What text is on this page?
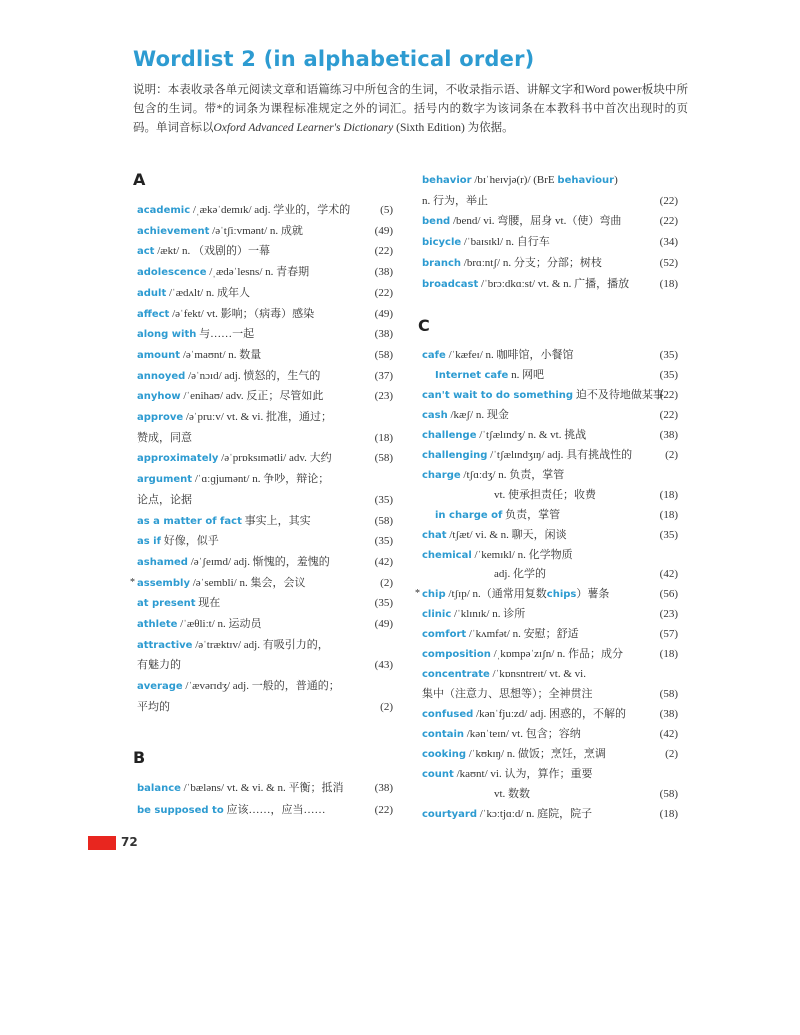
Wordlist 2 (in alphabetical order)
说明：本表收录各单元阅读文章和语篇练习中所包含的生词，不收录指示语、讲解文字和Word power板块中所包含的生词。带*的词条为课程标准规定之外的词汇。括号内的数字为该词条在本教科书中首次出现时的页码。单词音标以Oxford Advanced Learner's Dictionary (Sixth Edition) 为依据。
A
academic /ˌækəˈdemɪk/ adj. 学业的，学术的	(5)
achievement /əˈtʃiːvmənt/ n. 成就	(49)
act /ækt/ n. （戏剧的）一幕	(22)
adolescence /ˌædəˈlesns/ n. 青春期	(38)
adult /ˈædʌlt/ n. 成年人	(22)
affect /əˈfekt/ vt. 影响；（病毒）感染	(49)
along with 与……一起	(38)
amount /əˈmaʊnt/ n. 数量	(58)
annoyed /əˈnɔɪd/ adj. 愤怒的，生气的	(37)
anyhow /ˈenihaʊ/ adv. 反正；尽管如此	(23)
approve /əˈpruːv/ vt. & vi. 批准，通过；
赞成，同意	(18)
approximately /əˈprɒksɪmətli/ adv. 大约	(58)
argument /ˈɑːɡjumənt/ n. 争吵，辩论；
论点，论据	(35)
as a matter of fact 事实上，其实	(58)
as if 好像，似乎	(35)
ashamed /əˈʃeɪmd/ adj. 惭愧的，羞愧的	(42)
* assembly /əˈsembli/ n. 集会，会议	(2)
at present 现在	(35)
athlete /ˈæθliːt/ n. 运动员	(49)
attractive /əˈtræktɪv/ adj. 有吸引力的，
有魅力的	(43)
average /ˈævərɪdʒ/ adj. 一般的，普通的；
平均的	(2)
B
balance /ˈbæləns/ vt. & vi. & n. 平衡；抵消	(38)
be supposed to 应该……，应当……	(22)
behavior /bɪˈheɪvjə(r)/ (BrE behaviour)
n. 行为，举止	(22)
bend /bend/ vi. 弯腰，屈身 vt.（使）弯曲	(22)
bicycle /ˈbaɪsɪkl/ n. 自行车	(34)
branch /brɑːntʃ/ n. 分支；分部；树枝	(52)
broadcast /ˈbrɔːdkɑːst/ vt. & n. 广播，播放	(18)
C
cafe /ˈkæfeɪ/ n. 咖啡馆，小餐馆	(35)
Internet cafe n. 网吧	(35)
can't wait to do something 迫不及待地做某事
(22)
cash /kæʃ/ n. 现金	(22)
challenge /ˈtʃælɪndʒ/ n. & vt. 挑战	(38)
challenging /ˈtʃælɪndʒɪŋ/ adj. 具有挑战性的	(2)
charge /tʃɑːdʒ/ n. 负责，掌管
vt. 使承担责任；收费	(18)
in charge of 负责，掌管	(18)
chat /tʃæt/ vi. & n. 聊天，闲谈	(35)
chemical /ˈkemɪkl/ n. 化学物质
adj. 化学的	(42)
* chip /tʃɪp/ n.（通常用复数chips）薯条	(56)
clinic /ˈklɪnɪk/ n. 诊所	(23)
comfort /ˈkʌmfət/ n. 安慰；舒适	(57)
composition /ˌkɒmpəˈzɪʃn/ n. 作品；成分	(18)
concentrate /ˈkɒnsntreɪt/ vt. & vi.
集中（注意力、思想等）；全神贯注	(58)
confused /kənˈfjuːzd/ adj. 困惑的，不解的	(38)
contain /kənˈteɪn/ vt. 包含；容纳	(42)
cooking /ˈkʊkɪŋ/ n. 做饭；烹饪，烹调	(2)
count /kaʊnt/ vi. 认为，算作；重要
vt. 数数	(58)
courtyard /ˈkɔːtjɑːd/ n. 庭院，院子	(18)
72
